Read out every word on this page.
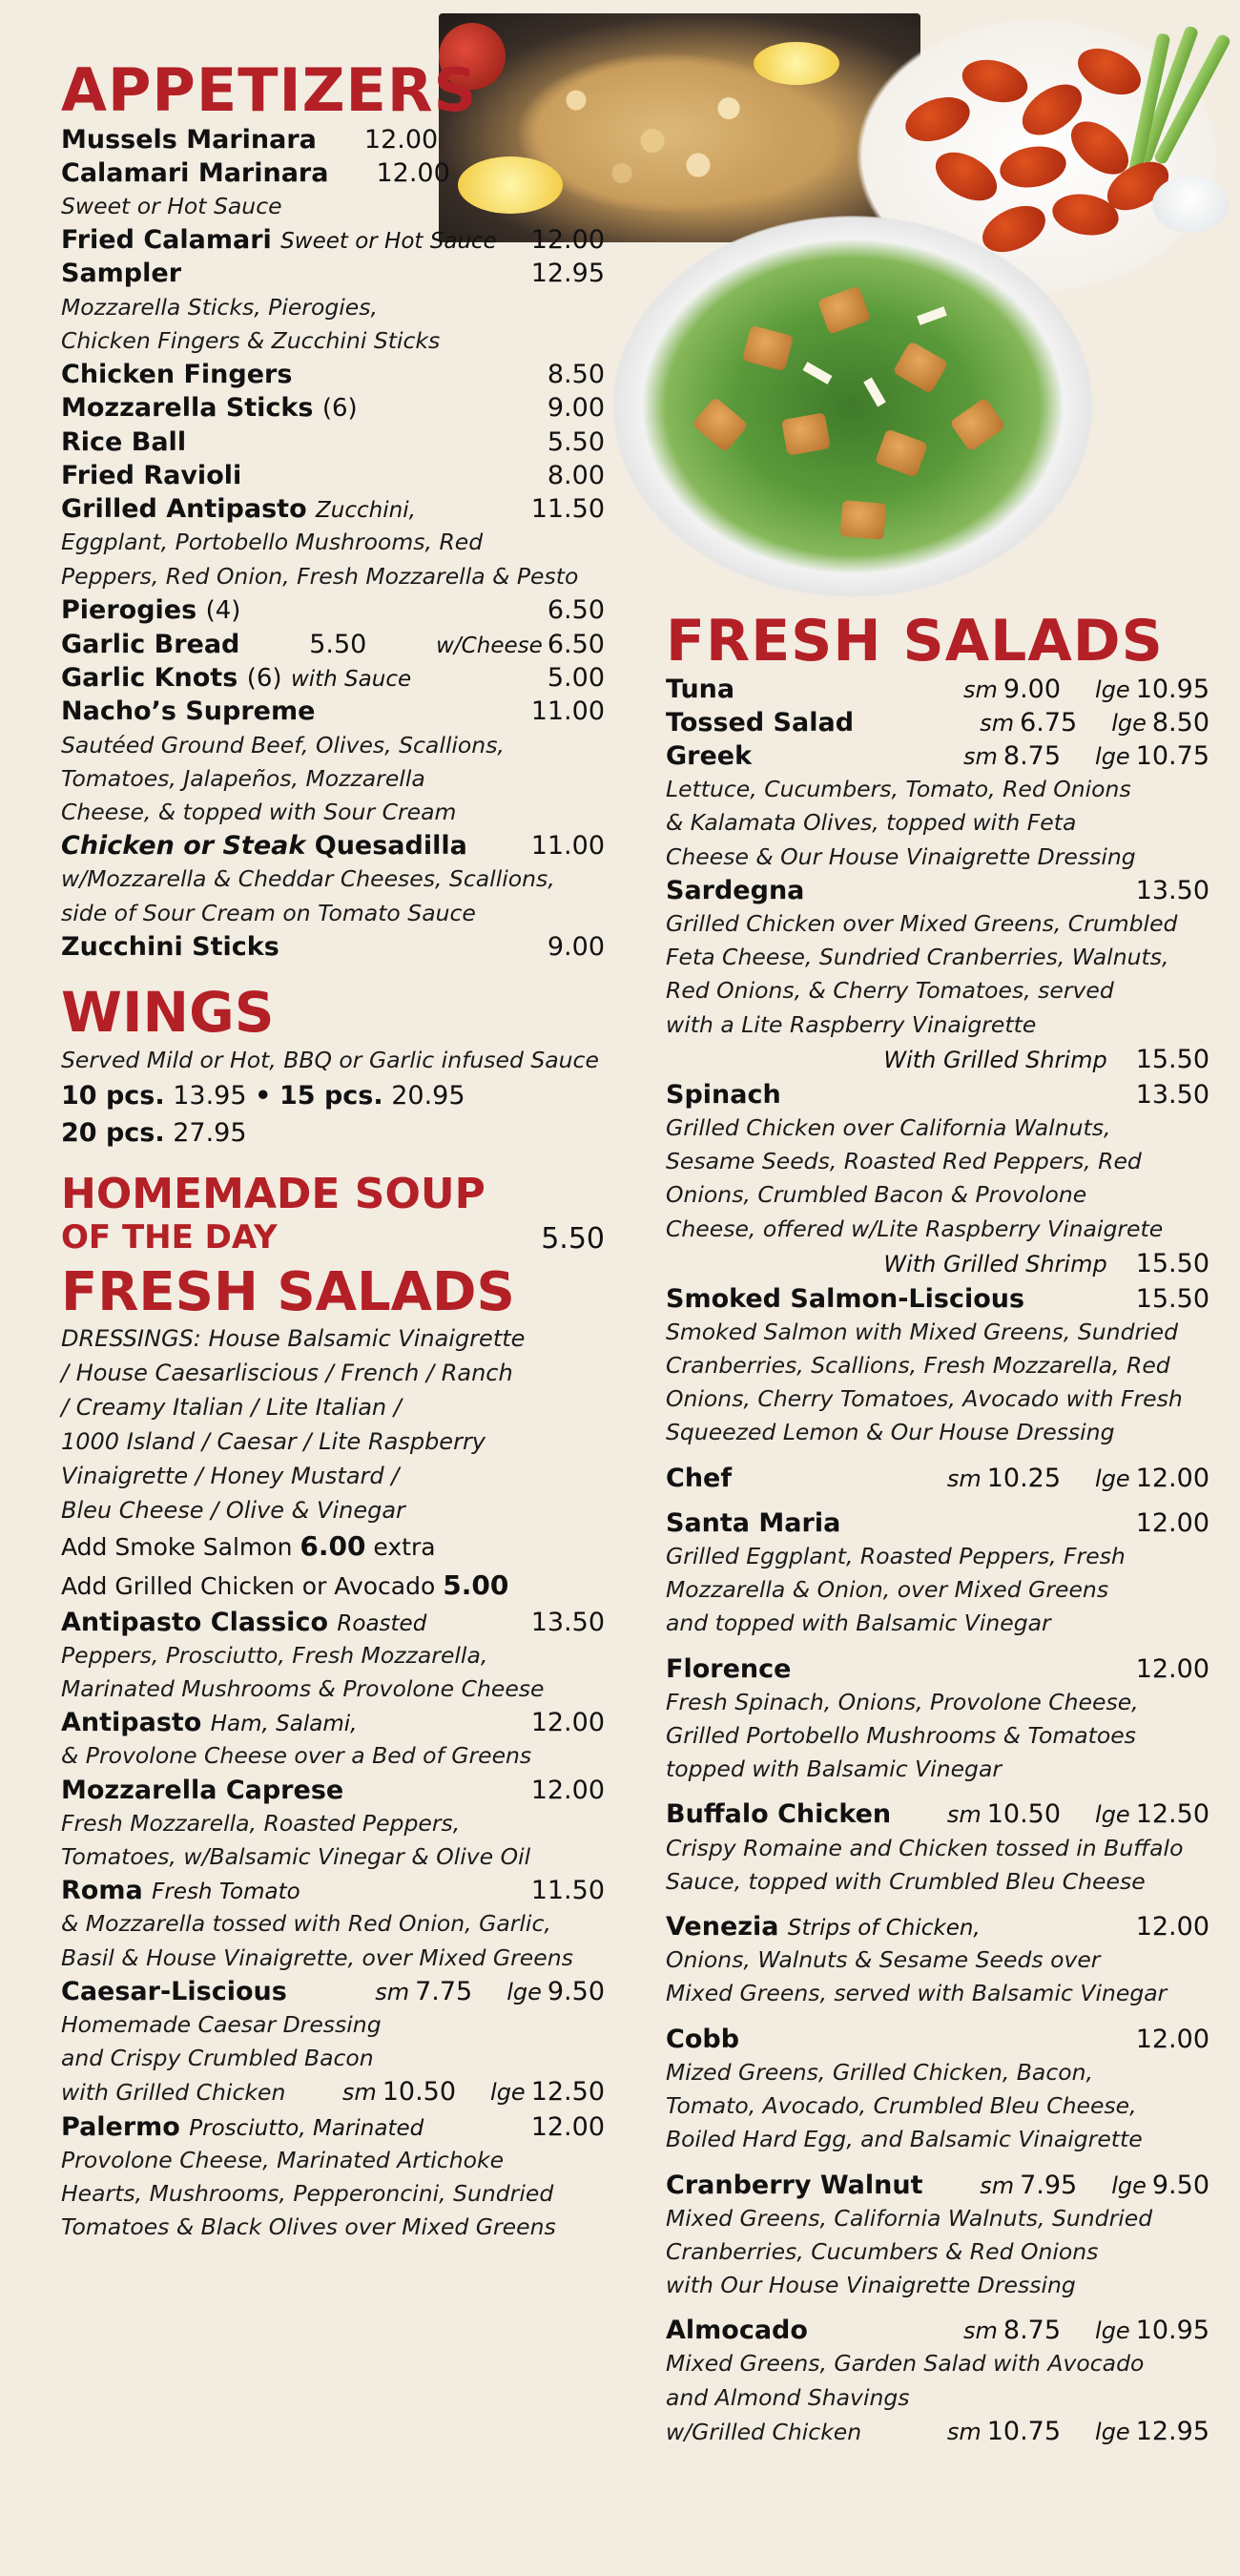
APPETIZERS
Mussels Marinara 12.00
Calamari Marinara 12.00
Sweet or Hot Sauce
Fried Calamari Sweet or Hot Sauce 12.00
Sampler	12.95
Mozzarella Sticks, Pierogies,
Chicken Fingers & Zucchini Sticks
Chicken Fingers	8.50
Mozzarella Sticks (6)	9.00
Rice Ball	5.50
Fried Ravioli	8.00
Grilled Antipasto Zucchini,	11.50
Eggplant, Portobello Mushrooms, Red
Peppers, Red Onion, Fresh Mozzarella & Pesto
Pierogies (4)	6.50
Garlic Bread	5.50	w/Cheese 6.50
Garlic Knots (6) with Sauce	5.00
Nacho’s Supreme	11.00
Sautéed Ground Beef, Olives, Scallions,
Tomatoes, Jalapeños, Mozzarella
Cheese, & topped with Sour Cream
Chicken or Steak Quesadilla 11.00
w/Mozzarella & Cheddar Cheeses, Scallions,
side of Sour Cream on Tomato Sauce
Zucchini Sticks	9.00
WINGS
Served Mild or Hot, BBQ or Garlic infused Sauce
10 pcs. 13.95 • 15 pcs. 20.95
20 pcs. 27.95
HOMEMADE SOUP
OF THE DAY	5.50
FRESH SALADS
DRESSINGS: House Balsamic Vinaigrette
/ House Caesarliscious / French / Ranch
/ Creamy Italian / Lite Italian /
1000 Island / Caesar / Lite Raspberry
Vinaigrette / Honey Mustard /
Bleu Cheese / Olive & Vinegar
Add Smoke Salmon 6.00 extra
Add Grilled Chicken or Avocado 5.00
Antipasto Classico Roasted	13.50
Peppers, Prosciutto, Fresh Mozzarella,
Marinated Mushrooms & Provolone Cheese
Antipasto Ham, Salami,	12.00
& Provolone Cheese over a Bed of Greens
Mozzarella Caprese	12.00
Fresh Mozzarella, Roasted Peppers,
Tomatoes, w/Balsamic Vinegar & Olive Oil
Roma Fresh Tomato	11.50
& Mozzarella tossed with Red Onion, Garlic,
Basil & House Vinaigrette, over Mixed Greens
Caesar-Liscious	sm 7.75 lge 9.50
Homemade Caesar Dressing
and Crispy Crumbled Bacon
with Grilled Chicken sm 10.50 lge 12.50
Palermo Prosciutto, Marinated	12.00
Provolone Cheese, Marinated Artichoke
Hearts, Mushrooms, Pepperoncini, Sundried
Tomatoes & Black Olives over Mixed Greens
FRESH SALADS
Tuna	sm 9.00 lge 10.95
Tossed Salad	sm 6.75 lge 8.50
Greek	sm 8.75 lge 10.75
Lettuce, Cucumbers, Tomato, Red Onions
& Kalamata Olives, topped with Feta
Cheese & Our House Vinaigrette Dressing
Sardegna	13.50
Grilled Chicken over Mixed Greens, Crumbled
Feta Cheese, Sundried Cranberries, Walnuts,
Red Onions, & Cherry Tomatoes, served
with a Lite Raspberry Vinaigrette
With Grilled Shrimp 15.50
Spinach	13.50
Grilled Chicken over California Walnuts,
Sesame Seeds, Roasted Red Peppers, Red
Onions, Crumbled Bacon & Provolone
Cheese, offered w/Lite Raspberry Vinaigrete
With Grilled Shrimp 15.50
Smoked Salmon-Liscious	15.50
Smoked Salmon with Mixed Greens, Sundried
Cranberries, Scallions, Fresh Mozzarella, Red
Onions, Cherry Tomatoes, Avocado with Fresh
Squeezed Lemon & Our House Dressing
Chef	sm 10.25 lge 12.00
Santa Maria	12.00
Grilled Eggplant, Roasted Peppers, Fresh
Mozzarella & Onion, over Mixed Greens
and topped with Balsamic Vinegar
Florence	12.00
Fresh Spinach, Onions, Provolone Cheese,
Grilled Portobello Mushrooms & Tomatoes
topped with Balsamic Vinegar
Buffalo Chicken sm 10.50 lge 12.50
Crispy Romaine and Chicken tossed in Buffalo
Sauce, topped with Crumbled Bleu Cheese
Venezia Strips of Chicken,	12.00
Onions, Walnuts & Sesame Seeds over
Mixed Greens, served with Balsamic Vinegar
Cobb	12.00
Mized Greens, Grilled Chicken, Bacon,
Tomato, Avocado, Crumbled Bleu Cheese,
Boiled Hard Egg, and Balsamic Vinaigrette
Cranberry Walnut sm 7.95 lge 9.50
Mixed Greens, California Walnuts, Sundried
Cranberries, Cucumbers & Red Onions
with Our House Vinaigrette Dressing
Almocado	sm 8.75 lge 10.95
Mixed Greens, Garden Salad with Avocado
and Almond Shavings
w/Grilled Chicken	sm 10.75 lge 12.95
